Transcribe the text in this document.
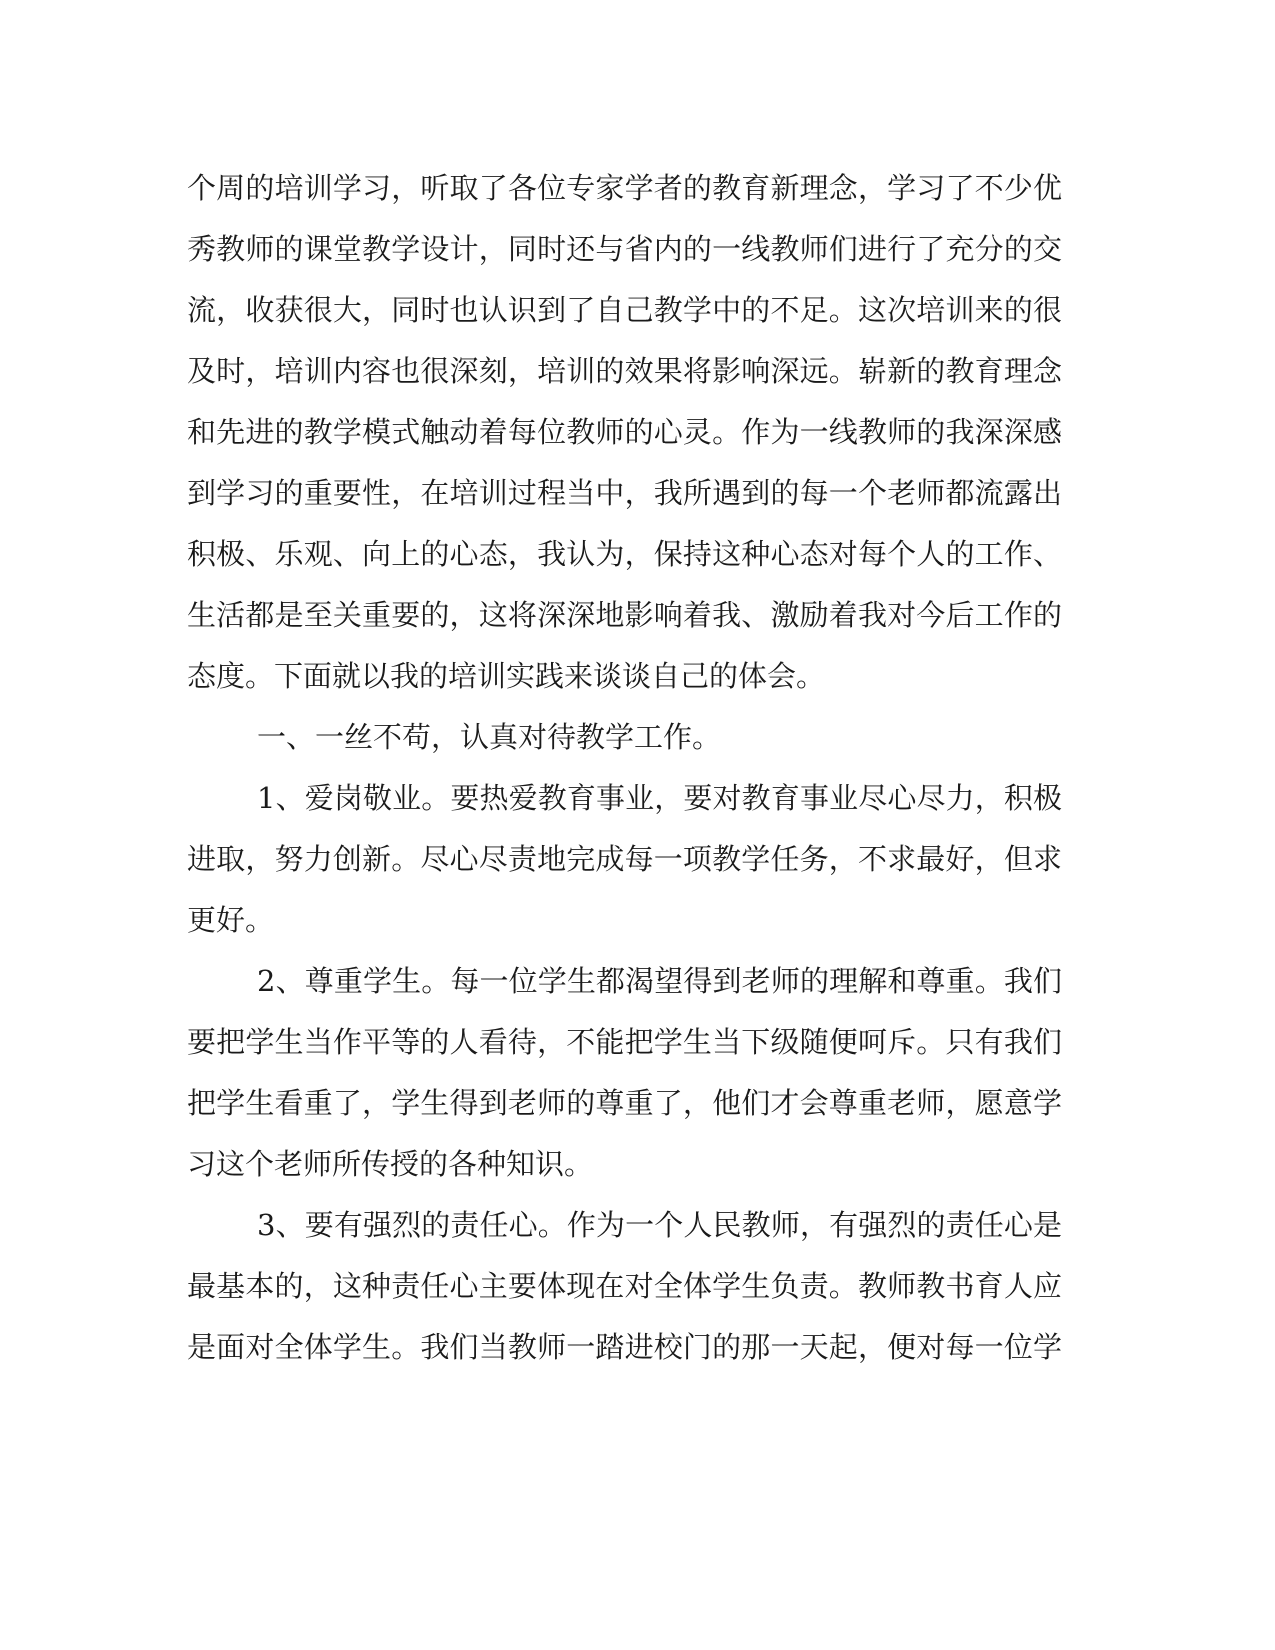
个周的培训学习，听取了各位专家学者的教育新理念，学习了不少优
秀教师的课堂教学设计，同时还与省内的一线教师们进行了充分的交
流，收获很大，同时也认识到了自己教学中的不足。这次培训来的很
及时，培训内容也很深刻，培训的效果将影响深远。崭新的教育理念
和先进的教学模式触动着每位教师的心灵。作为一线教师的我深深感
到学习的重要性，在培训过程当中，我所遇到的每一个老师都流露出
积极、乐观、向上的心态，我认为，保持这种心态对每个人的工作、
生活都是至关重要的，这将深深地影响着我、激励着我对今后工作的
态度。下面就以我的培训实践来谈谈自己的体会。
一、一丝不苟，认真对待教学工作。
1、爱岗敬业。要热爱教育事业，要对教育事业尽心尽力，积极
进取，努力创新。尽心尽责地完成每一项教学任务，不求最好，但求
更好。
2、尊重学生。每一位学生都渴望得到老师的理解和尊重。我们
要把学生当作平等的人看待，不能把学生当下级随便呵斥。只有我们
把学生看重了，学生得到老师的尊重了，他们才会尊重老师，愿意学
习这个老师所传授的各种知识。
3、要有强烈的责任心。作为一个人民教师，有强烈的责任心是
最基本的，这种责任心主要体现在对全体学生负责。教师教书育人应
是面对全体学生。我们当教师一踏进校门的那一天起，便对每一位学
